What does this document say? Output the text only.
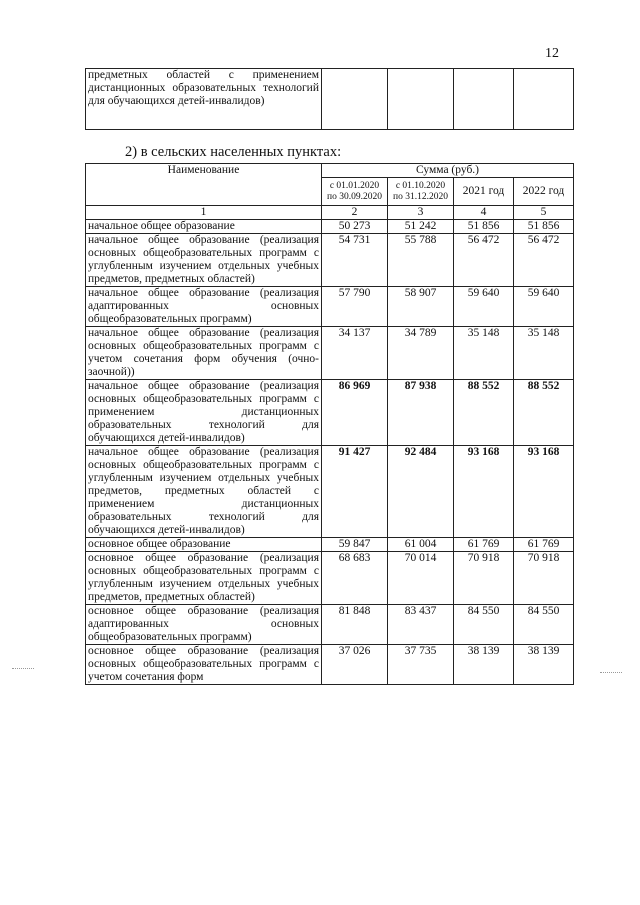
12
предметных областей с применением дистанционных образовательных технологий для обучающихся детей-инвалидов)				
2) в сельских населенных пунктах:
Наименование	Сумма (руб.)			
	с 01.01.2020 по 30.09.2020	с 01.10.2020 по 31.12.2020	2021 год	2022 год
1	2	3	4	5
начальное общее образование	50 273	51 242	51 856	51 856
начальное общее образование (реализация основных общеобразовательных программ с углубленным изучением отдельных учебных предметов, предметных областей)	54 731	55 788	56 472	56 472
начальное общее образование (реализация адаптированных основных общеобразовательных программ)	57 790	58 907	59 640	59 640
начальное общее образование (реализация основных общеобразовательных программ с учетом сочетания форм обучения (очно-заочной))	34 137	34 789	35 148	35 148
начальное общее образование (реализация основных общеобразовательных программ с применением дистанционных образовательных технологий для обучающихся детей-инвалидов)	86 969	87 938	88 552	88 552
начальное общее образование (реализация основных общеобразовательных программ с углубленным изучением отдельных учебных предметов, предметных областей с применением дистанционных образовательных технологий для обучающихся детей-инвалидов)	91 427	92 484	93 168	93 168
основное общее образование	59 847	61 004	61 769	61 769
основное общее образование (реализация основных общеобразовательных программ с углубленным изучением отдельных учебных предметов, предметных областей)	68 683	70 014	70 918	70 918
основное общее образование (реализация адаптированных основных общеобразовательных программ)	81 848	83 437	84 550	84 550
основное общее образование (реализация основных общеобразовательных программ с учетом сочетания форм	37 026	37 735	38 139	38 139
